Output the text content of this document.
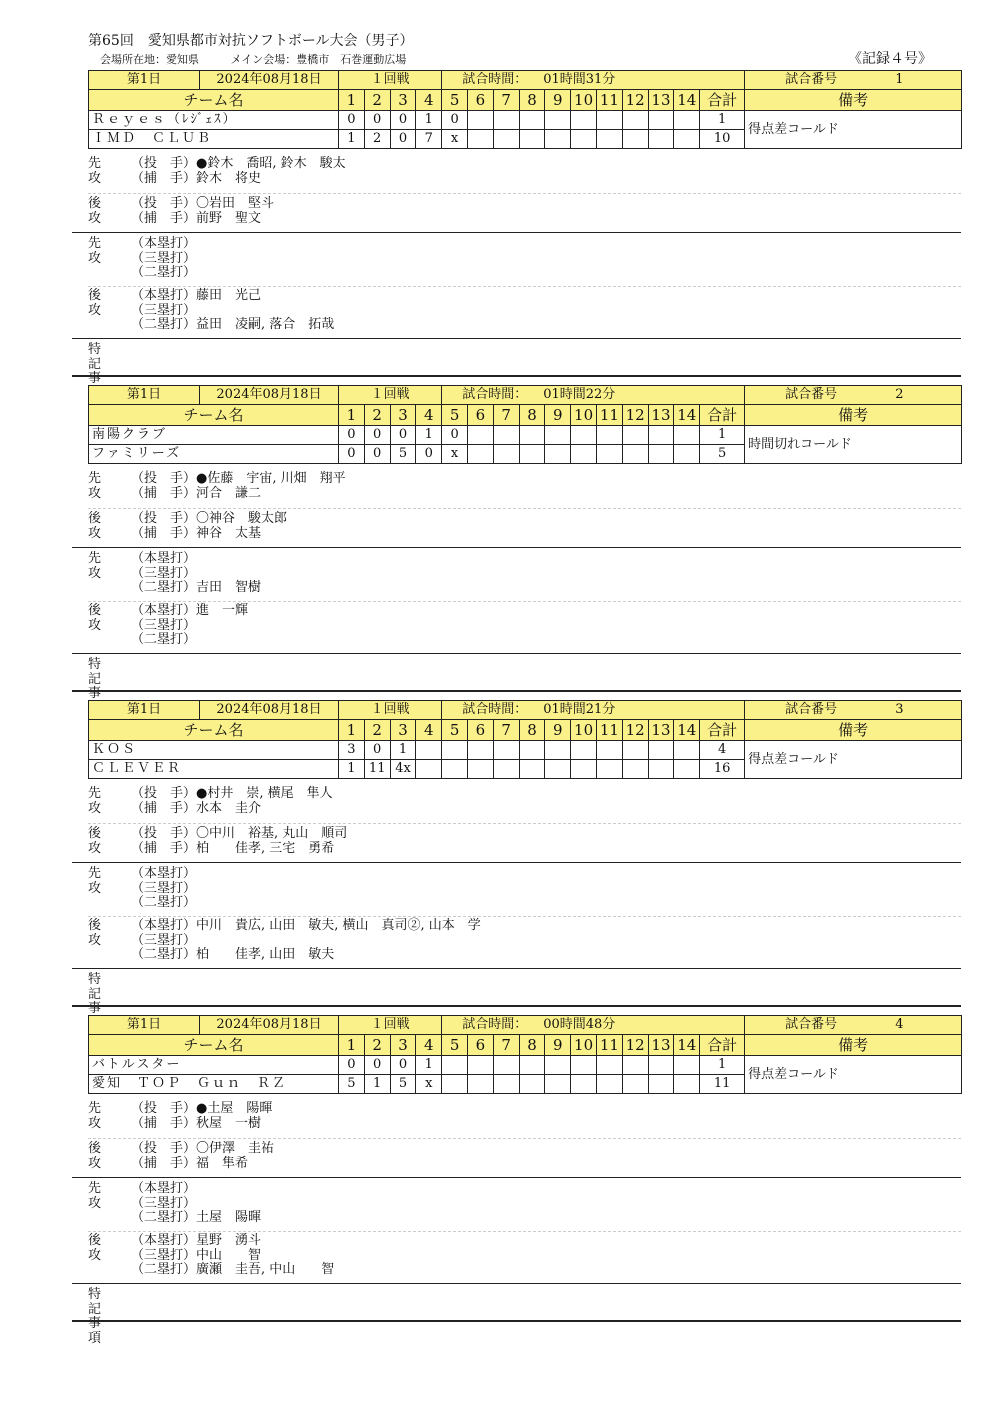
第65回　愛知県都市対抗ソフトボール大会（男子）
会場所在地：愛知県	メイン会場：豊橋市　石巻運動広場	《記録４号》
第1日 2024年08月18日	１回戦				試合時間： 01時間31分											試合番号 1
チーム名	1	2	3	4	5	6	7	8	9	10	11	12	13	14	合計	備考
Ｒｅｙｅｓ（ﾚｼﾞｪｽ）	0	0	0	1	0										1	得点差コールド
ＩＭＤ　ＣＬＵＢ	1	2	0	7	x										10	
先攻
（投　手）●鈴木　喬昭, 鈴木　駿太
（捕　手）鈴木　将史
後攻
（投　手）〇岩田　堅斗
（捕　手）前野　聖文
先攻
（本塁打）
（三塁打）
（二塁打）
後攻
（本塁打）藤田　光己
（三塁打）
（二塁打）益田　凌嗣, 落合　拓哉
特記事
第1日 2024年08月18日	１回戦				試合時間： 01時間22分											試合番号 2
チーム名	1	2	3	4	5	6	7	8	9	10	11	12	13	14	合計	備考
南陽クラブ	0	0	0	1	0										1	時間切れコールド
ファミリーズ	0	0	5	0	x										5	
先攻
（投　手）●佐藤　宇宙, 川畑　翔平
（捕　手）河合　謙二
後攻
（投　手）〇神谷　駿太郎
（捕　手）神谷　太基
先攻
（本塁打）
（三塁打）
（二塁打）吉田　智樹
後攻
（本塁打）進　一輝
（三塁打）
（二塁打）
特記事
第1日 2024年08月18日	１回戦				試合時間： 01時間21分											試合番号 3
チーム名	1	2	3	4	5	6	7	8	9	10	11	12	13	14	合計	備考
ＫＯＳ	3	0	1												4	得点差コールド
ＣＬＥＶＥＲ	1	11	4x												16	
先攻
（投　手）●村井　崇, 横尾　隼人
（捕　手）水本　圭介
後攻
（投　手）〇中川　裕基, 丸山　順司
（捕　手）柏　　佳孝, 三宅　勇希
先攻
（本塁打）
（三塁打）
（二塁打）
後攻
（本塁打）中川　貴広, 山田　敏夫, 横山　真司②, 山本　学
（三塁打）
（二塁打）柏　　佳孝, 山田　敏夫
特記事
第1日 2024年08月18日	１回戦				試合時間： 00時間48分											試合番号 4
チーム名	1	2	3	4	5	6	7	8	9	10	11	12	13	14	合計	備考
バトルスター	0	0	0	1											1	得点差コールド
愛知　ＴＯＰ　Ｇｕｎ　ＲＺ	5	1	5	x											11	
先攻
（投　手）●土屋　陽暉
（捕　手）秋屋　一樹
後攻
（投　手）〇伊澤　圭祐
（捕　手）福　隼希
先攻
（本塁打）
（三塁打）
（二塁打）土屋　陽暉
後攻
（本塁打）星野　湧斗
（三塁打）中山　　智
（二塁打）廣瀬　圭吾, 中山　　智
特記事項
